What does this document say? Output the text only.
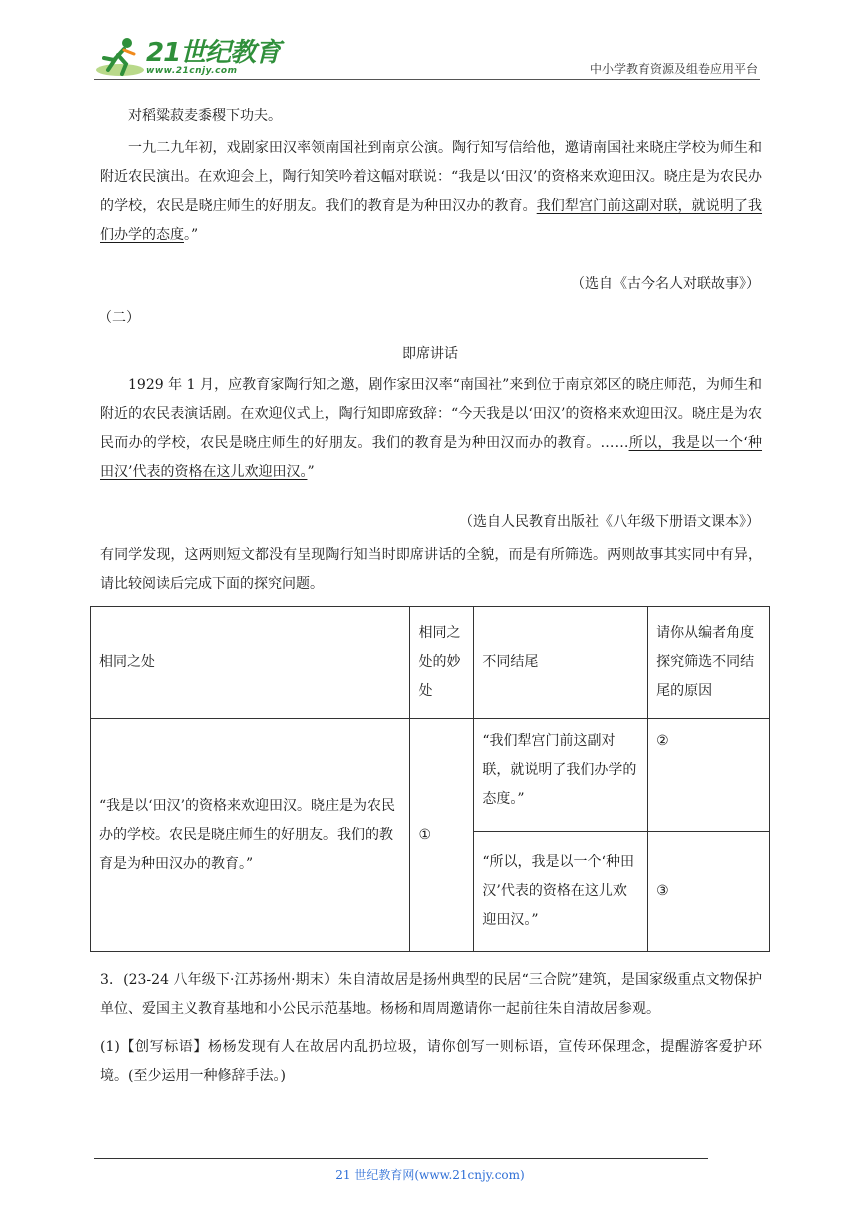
21世纪教育
www.21cnjy.com	中小学教育资源及组卷应用平台
对稻粱菽麦黍稷下功夫。
一九二九年初，戏剧家田汉率领南国社到南京公演。陶行知写信给他，邀请南国社来晓庄学校为师生和附近农民演出。在欢迎会上，陶行知笑吟着这幅对联说：“我是以‘田汉’的资格来欢迎田汉。晓庄是为农民办的学校，农民是晓庄师生的好朋友。我们的教育是为种田汉办的教育。我们犁宫门前这副对联，就说明了我们办学的态度。”
（选自《古今名人对联故事》）
（二）
即席讲话
1929 年 1 月，应教育家陶行知之邀，剧作家田汉率“南国社”来到位于南京郊区的晓庄师范，为师生和附近的农民表演话剧。在欢迎仪式上，陶行知即席致辞：“今天我是以‘田汉’的资格来欢迎田汉。晓庄是为农民而办的学校，农民是晓庄师生的好朋友。我们的教育是为种田汉而办的教育。……所以，我是以一个‘种田汉’代表的资格在这儿欢迎田汉。”
（选自人民教育出版社《八年级下册语文课本》）
有同学发现，这两则短文都没有呈现陶行知当时即席讲话的全貌，而是有所筛选。两则故事其实同中有异，请比较阅读后完成下面的探究问题。
相同之处	相同之处的妙处	不同结尾	请你从编者角度探究筛选不同结尾的原因
“我是以‘田汉’的资格来欢迎田汉。晓庄是为农民办的学校。农民是晓庄师生的好朋友。我们的教育是为种田汉办的教育。”	①	“我们犁宫门前这副对联，就说明了我们办学的态度。”	②
		“所以，我是以一个‘种田汉’代表的资格在这儿欢迎田汉。”	③
3．(23-24 八年级下·江苏扬州·期末）朱自清故居是扬州典型的民居“三合院”建筑，是国家级重点文物保护单位、爱国主义教育基地和小公民示范基地。杨杨和周周邀请你一起前往朱自清故居参观。
(1)【创写标语】杨杨发现有人在故居内乱扔垃圾，请你创写一则标语，宣传环保理念，提醒游客爱护环境。(至少运用一种修辞手法。)
21 世纪教育网(www.21cnjy.com)
